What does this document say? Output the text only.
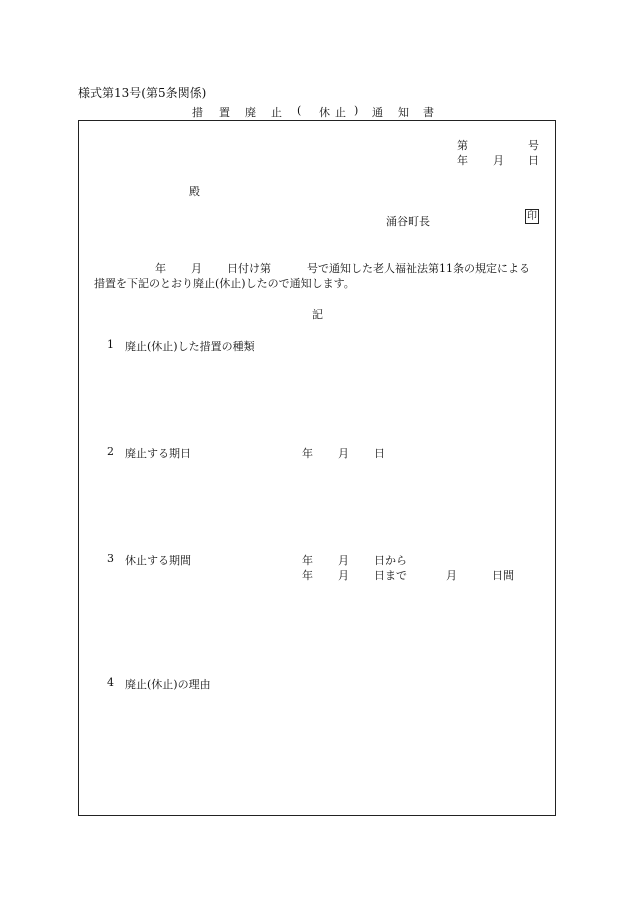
様式第13号(第5条関係)
措 置 廃 止 ( 休 止 ) 通 知 書
第	号
年 月 日
殿
涌谷町長	印
年 月 日付け第	号で通知した老人福祉法第11条の規定による
措置を下記のとおり廃止(休止)したので通知します。
記
1 廃止(休止)した措置の種類
2 廃止する期日	年 月 日
3 休止する期間	年 月 日から
年 月 日まで	月	日間
4 廃止(休止)の理由
